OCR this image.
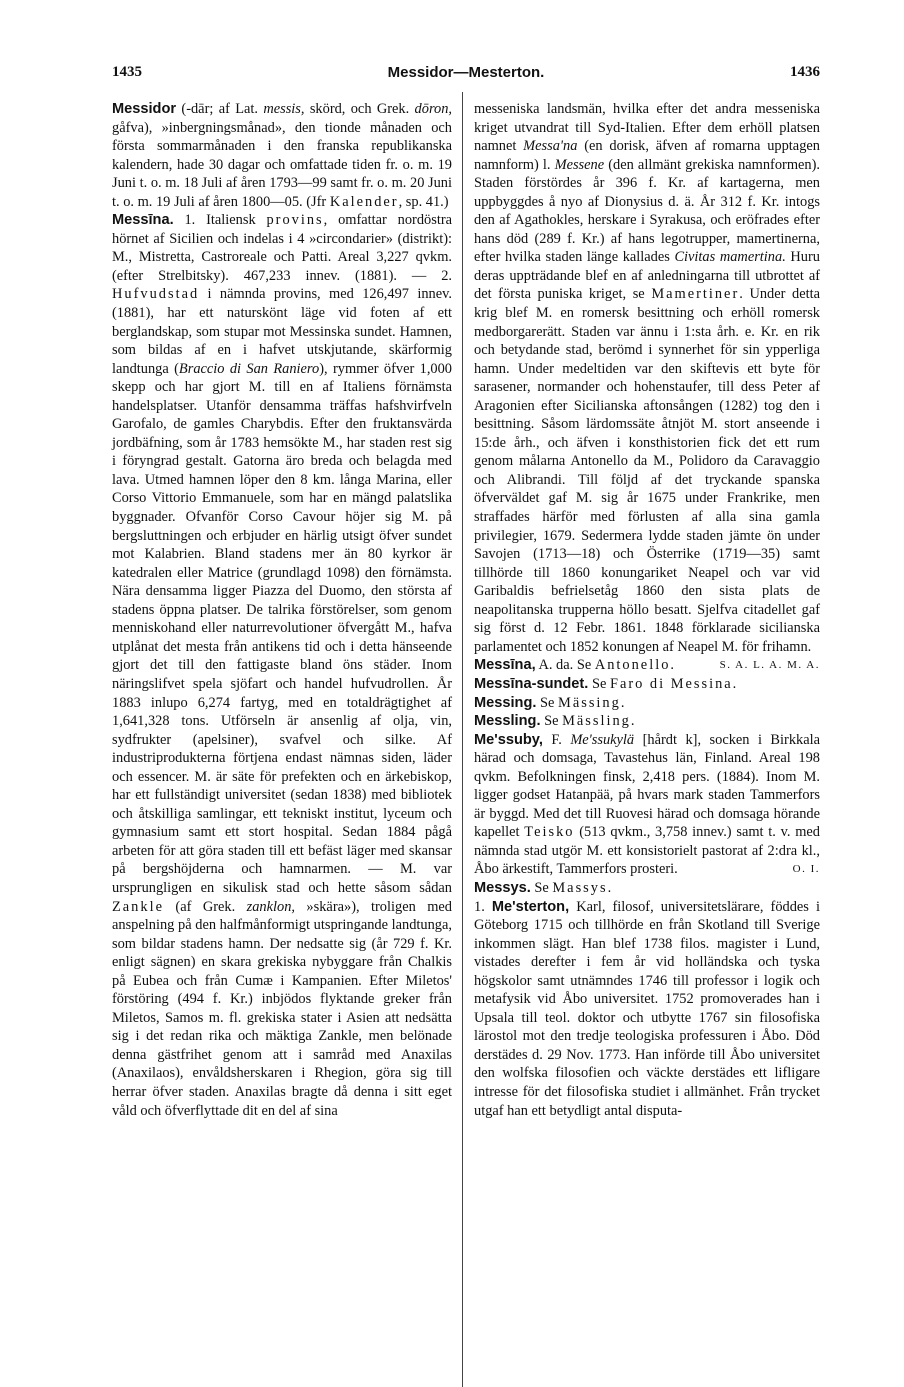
1435	Messidor—Mesterton.	1436

Messidor (-dār; af Lat. messis, skörd, och Grek. dōron, gåfva), »inbergningsmånad», den tionde månaden och första sommarmånaden i den franska republikanska kalendern, hade 30 dagar och omfattade tiden fr. o. m. 19 Juni t. o. m. 18 Juli af åren 1793—99 samt fr. o. m. 20 Juni t. o. m. 19 Juli af åren 1800—05. (Jfr Kalender, sp. 41.)

Messīna. 1. Italiensk provins, omfattar nordöstra hörnet af Sicilien och indelas i 4 »circondarier» (distrikt): M., Mistretta, Castroreale och Patti. Areal 3,227 qvkm. (efter Strelbitsky). 467,233 innev. (1881). — 2. Hufvudstad i nämnda provins, med 126,497 innev. (1881), har ett naturskönt läge vid foten af ett berglandskap, som stupar mot Messinska sundet. Hamnen, som bildas af en i hafvet utskjutande, skärformig landtunga (Braccio di San Raniero), rymmer öfver 1,000 skepp och har gjort M. till en af Italiens förnämsta handelsplatser. Utanför densamma träffas hafshvirfveln Garofalo, de gamles Charybdis. Efter den fruktansvärda jordbäfning, som år 1783 hemsökte M., har staden rest sig i föryngrad gestalt. Gatorna äro breda och belagda med lava. Utmed hamnen löper den 8 km. långa Marina, eller Corso Vittorio Emmanuele, som har en mängd palatslika byggnader. Ofvanför Corso Cavour höjer sig M. på bergsluttningen och erbjuder en härlig utsigt öfver sundet mot Kalabrien. Bland stadens mer än 80 kyrkor är katedralen eller Matrice (grundlagd 1098) den förnämsta. Nära densamma ligger Piazza del Duomo, den största af stadens öppna platser. De talrika förstörelser, som genom menniskohand eller naturrevolutioner öfvergått M., hafva utplånat det mesta från antikens tid och i detta hänseende gjort det till den fattigaste bland öns städer. Inom näringslifvet spela sjöfart och handel hufvudrollen. År 1883 inlupo 6,274 fartyg, med en totaldrägtighet af 1,641,328 tons. Utförseln är ansenlig af olja, vin, sydfrukter (apelsiner), svafvel och silke. Af industriprodukterna förtjena endast nämnas siden, läder och essencer. M. är säte för prefekten och en ärkebiskop, har ett fullständigt universitet (sedan 1838) med bibliotek och åtskilliga samlingar, ett tekniskt institut, lyceum och gymnasium samt ett stort hospital. Sedan 1884 pågå arbeten för att göra staden till ett befäst läger med skansar på bergshöjderna och hamnarmen. — M. var ursprungligen en sikulisk stad och hette såsom sådan Zankle (af Grek. zanklon, »skära»), troligen med anspelning på den halfmånformigt utspringande landtunga, som bildar stadens hamn. Der nedsatte sig (år 729 f. Kr. enligt sägnen) en skara grekiska nybyggare från Chalkis på Eubea och från Cumæ i Kampanien. Efter Miletos' förstöring (494 f. Kr.) inbjödos flyktande greker från Miletos, Samos m. fl. grekiska stater i Asien att nedsätta sig i det redan rika och mäktiga Zankle, men belönade denna gästfrihet genom att i samråd med Anaxilas (Anaxilaos), envåldsherskaren i Rhegion, göra sig till herrar öfver staden. Anaxilas bragte då denna i sitt eget våld och öfverflyttade dit en del af sina

messeniska landsmän, hvilka efter det andra messeniska kriget utvandrat till Syd-Italien. Efter dem erhöll platsen namnet Messa'na (en dorisk, äfven af romarna upptagen namnform) l. Messene (den allmänt grekiska namnformen). Staden förstördes år 396 f. Kr. af kartagerna, men uppbyggdes å nyo af Dionysius d. ä. År 312 f. Kr. intogs den af Agathokles, herskare i Syrakusa, och eröfrades efter hans död (289 f. Kr.) af hans legotrupper, mamertinerna, efter hvilka staden länge kallades Civitas mamertina. Huru deras uppträdande blef en af anledningarna till utbrottet af det första puniska kriget, se Mamertiner. Under detta krig blef M. en romersk besittning och erhöll romersk medborgarerätt. Staden var ännu i 1:sta årh. e. Kr. en rik och betydande stad, berömd i synnerhet för sin ypperliga hamn. Under medeltiden var den skiftevis ett byte för sarasener, normander och hohenstaufer, till dess Peter af Aragonien efter Sicilianska aftonsången (1282) tog den i besittning. Såsom lärdomssäte åtnjöt M. stort anseende i 15:de årh., och äfven i konsthistorien fick det ett rum genom målarna Antonello da M., Polidoro da Caravaggio och Alibrandi. Till följd af det tryckande spanska öfverväldet gaf M. sig år 1675 under Frankrike, men straffades härför med förlusten af alla sina gamla privilegier, 1679. Sedermera lydde staden jämte ön under Savojen (1713—18) och Österrike (1719—35) samt tillhörde till 1860 konungariket Neapel och var vid Garibaldis befrielsetåg 1860 den sista plats de neapolitanska trupperna höllo besatt. Sjelfva citadellet gaf sig först d. 12 Febr. 1861. 1848 förklarade sicilianska parlamentet och 1852 konungen af Neapel M. för frihamn.
S. A. L. A. M. A.

Messīna, A. da. Se Antonello.

Messīna-sundet. Se Faro di Messina.

Messing. Se Mässing.

Messling. Se Mässling.

Me'ssuby, F. Me'ssukylä [hårdt k], socken i Birkkala härad och domsaga, Tavastehus län, Finland. Areal 198 qvkm. Befolkningen finsk, 2,418 pers. (1884). Inom M. ligger godset Hatanpää, på hvars mark staden Tammerfors är byggd. Med det till Ruovesi härad och domsaga hörande kapellet Teisko (513 qvkm., 3,758 innev.) samt t. v. med nämnda stad utgör M. ett konsistorielt pastorat af 2:dra kl., Åbo ärkestift, Tammerfors prosteri.	O. I.

Messys. Se Massys.

1. Me'sterton, Karl, filosof, universitetslärare, föddes i Göteborg 1715 och tillhörde en från Skotland till Sverige inkommen slägt. Han blef 1738 filos. magister i Lund, vistades derefter i fem år vid holländska och tyska högskolor samt utnämndes 1746 till professor i logik och metafysik vid Åbo universitet. 1752 promoverades han i Upsala till teol. doktor och utbytte 1767 sin filosofiska lärostol mot den tredje teologiska professuren i Åbo. Död derstädes d. 29 Nov. 1773. Han införde till Åbo universitet den wolfska filosofien och väckte derstädes ett lifligare intresse för det filosofiska studiet i allmänhet. Från trycket utgaf han ett betydligt antal disputa-
